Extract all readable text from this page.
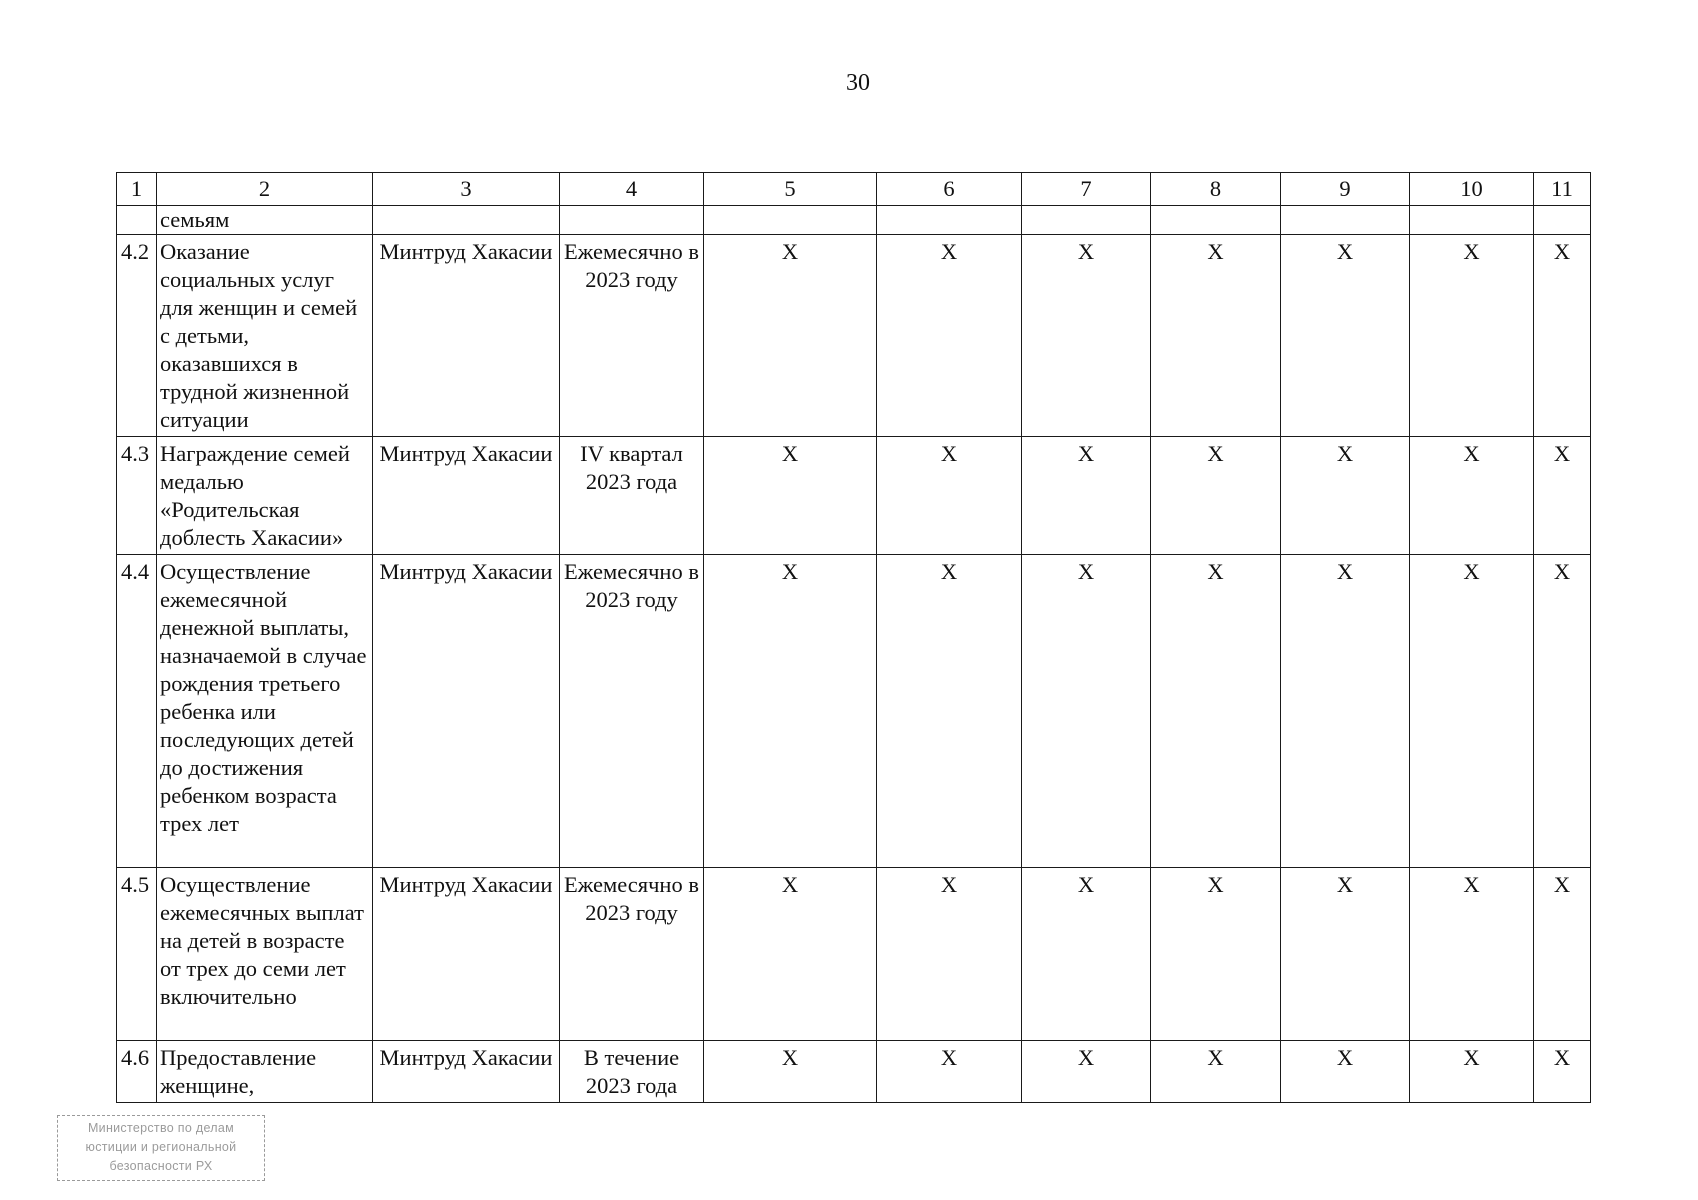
30
1	2	3	4	5	6	7	8	9	10	11
	семьям									
4.2	Оказание социальных услуг для женщин и семей с детьми, оказавшихся в трудной жизненной ситуации	Минтруд Хакасии	Ежемесячно в 2023 году	X	X	X	X	X	X	X
4.3	Награждение семей медалью «Родительская доблесть Хакасии»	Минтруд Хакасии	IV квартал 2023 года	X	X	X	X	X	X	X
4.4	Осуществление ежемесячной денежной выплаты, назначаемой в случае рождения третьего ребенка или последующих детей до достижения ребенком возраста трех лет	Минтруд Хакасии	Ежемесячно в 2023 году	X	X	X	X	X	X	X
4.5	Осуществление ежемесячных выплат на детей в возрасте от трех до семи лет включительно	Минтруд Хакасии	Ежемесячно в 2023 году	X	X	X	X	X	X	X
4.6	Предоставление женщине,	Минтруд Хакасии	В течение 2023 года	X	X	X	X	X	X	X
Министерство по делам
юстиции и региональной
безопасности РХ
